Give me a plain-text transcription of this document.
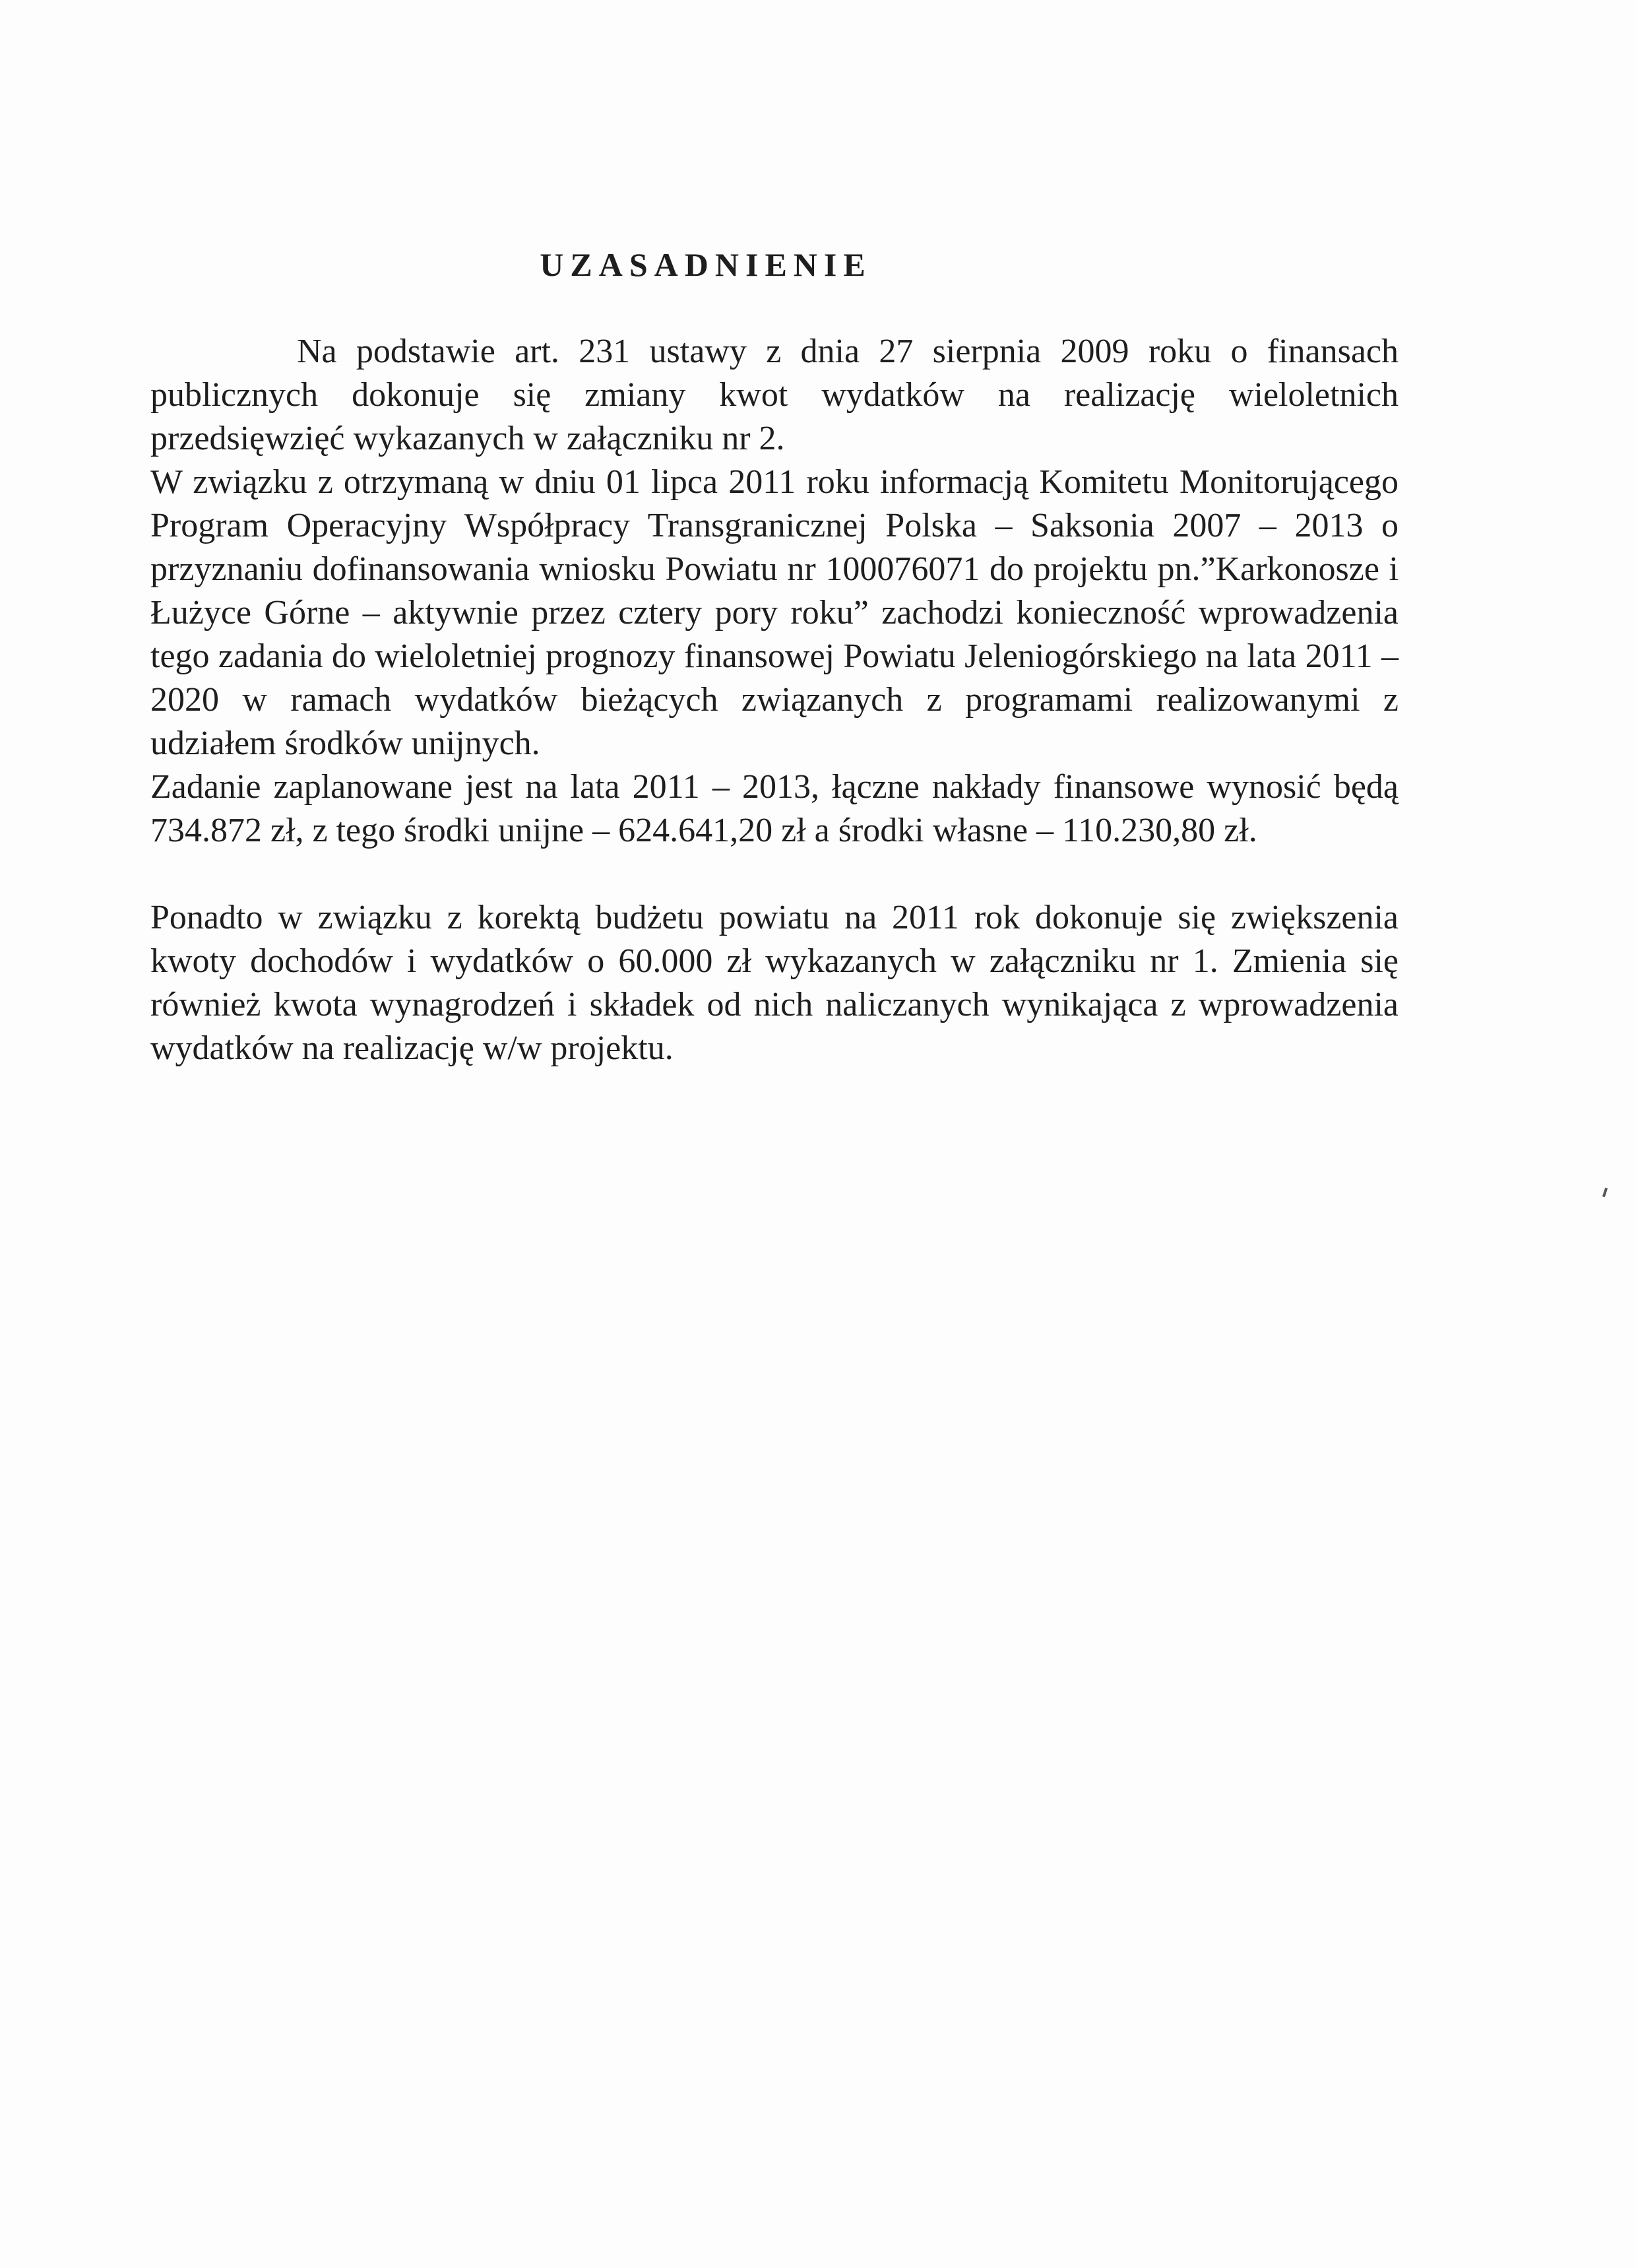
UZASADNIENIE

Na podstawie art. 231 ustawy z dnia 27 sierpnia 2009 roku o finansach publicznych dokonuje się zmiany kwot wydatków na realizację wieloletnich przedsięwzięć wykazanych w załączniku nr 2.

W związku z otrzymaną w dniu 01 lipca 2011 roku informacją Komitetu Monitorującego Program Operacyjny Współpracy Transgranicznej Polska – Saksonia 2007 – 2013 o przyznaniu dofinansowania wniosku Powiatu nr 100076071 do projektu pn.”Karkonosze i Łużyce Górne – aktywnie przez cztery pory roku” zachodzi konieczność wprowadzenia tego zadania do wieloletniej prognozy finansowej Powiatu Jeleniogórskiego na lata 2011 – 2020 w ramach wydatków bieżących związanych z programami realizowanymi z udziałem środków unijnych.

Zadanie zaplanowane jest na lata 2011 – 2013, łączne nakłady finansowe wynosić będą 734.872 zł, z tego środki unijne – 624.641,20 zł a środki własne – 110.230,80 zł.

Ponadto w związku z korektą budżetu powiatu na 2011 rok dokonuje się zwiększenia kwoty dochodów i wydatków o 60.000 zł wykazanych w załączniku nr 1. Zmienia się również kwota wynagrodzeń i składek od nich naliczanych wynikająca z wprowadzenia wydatków na realizację w/w projektu.
